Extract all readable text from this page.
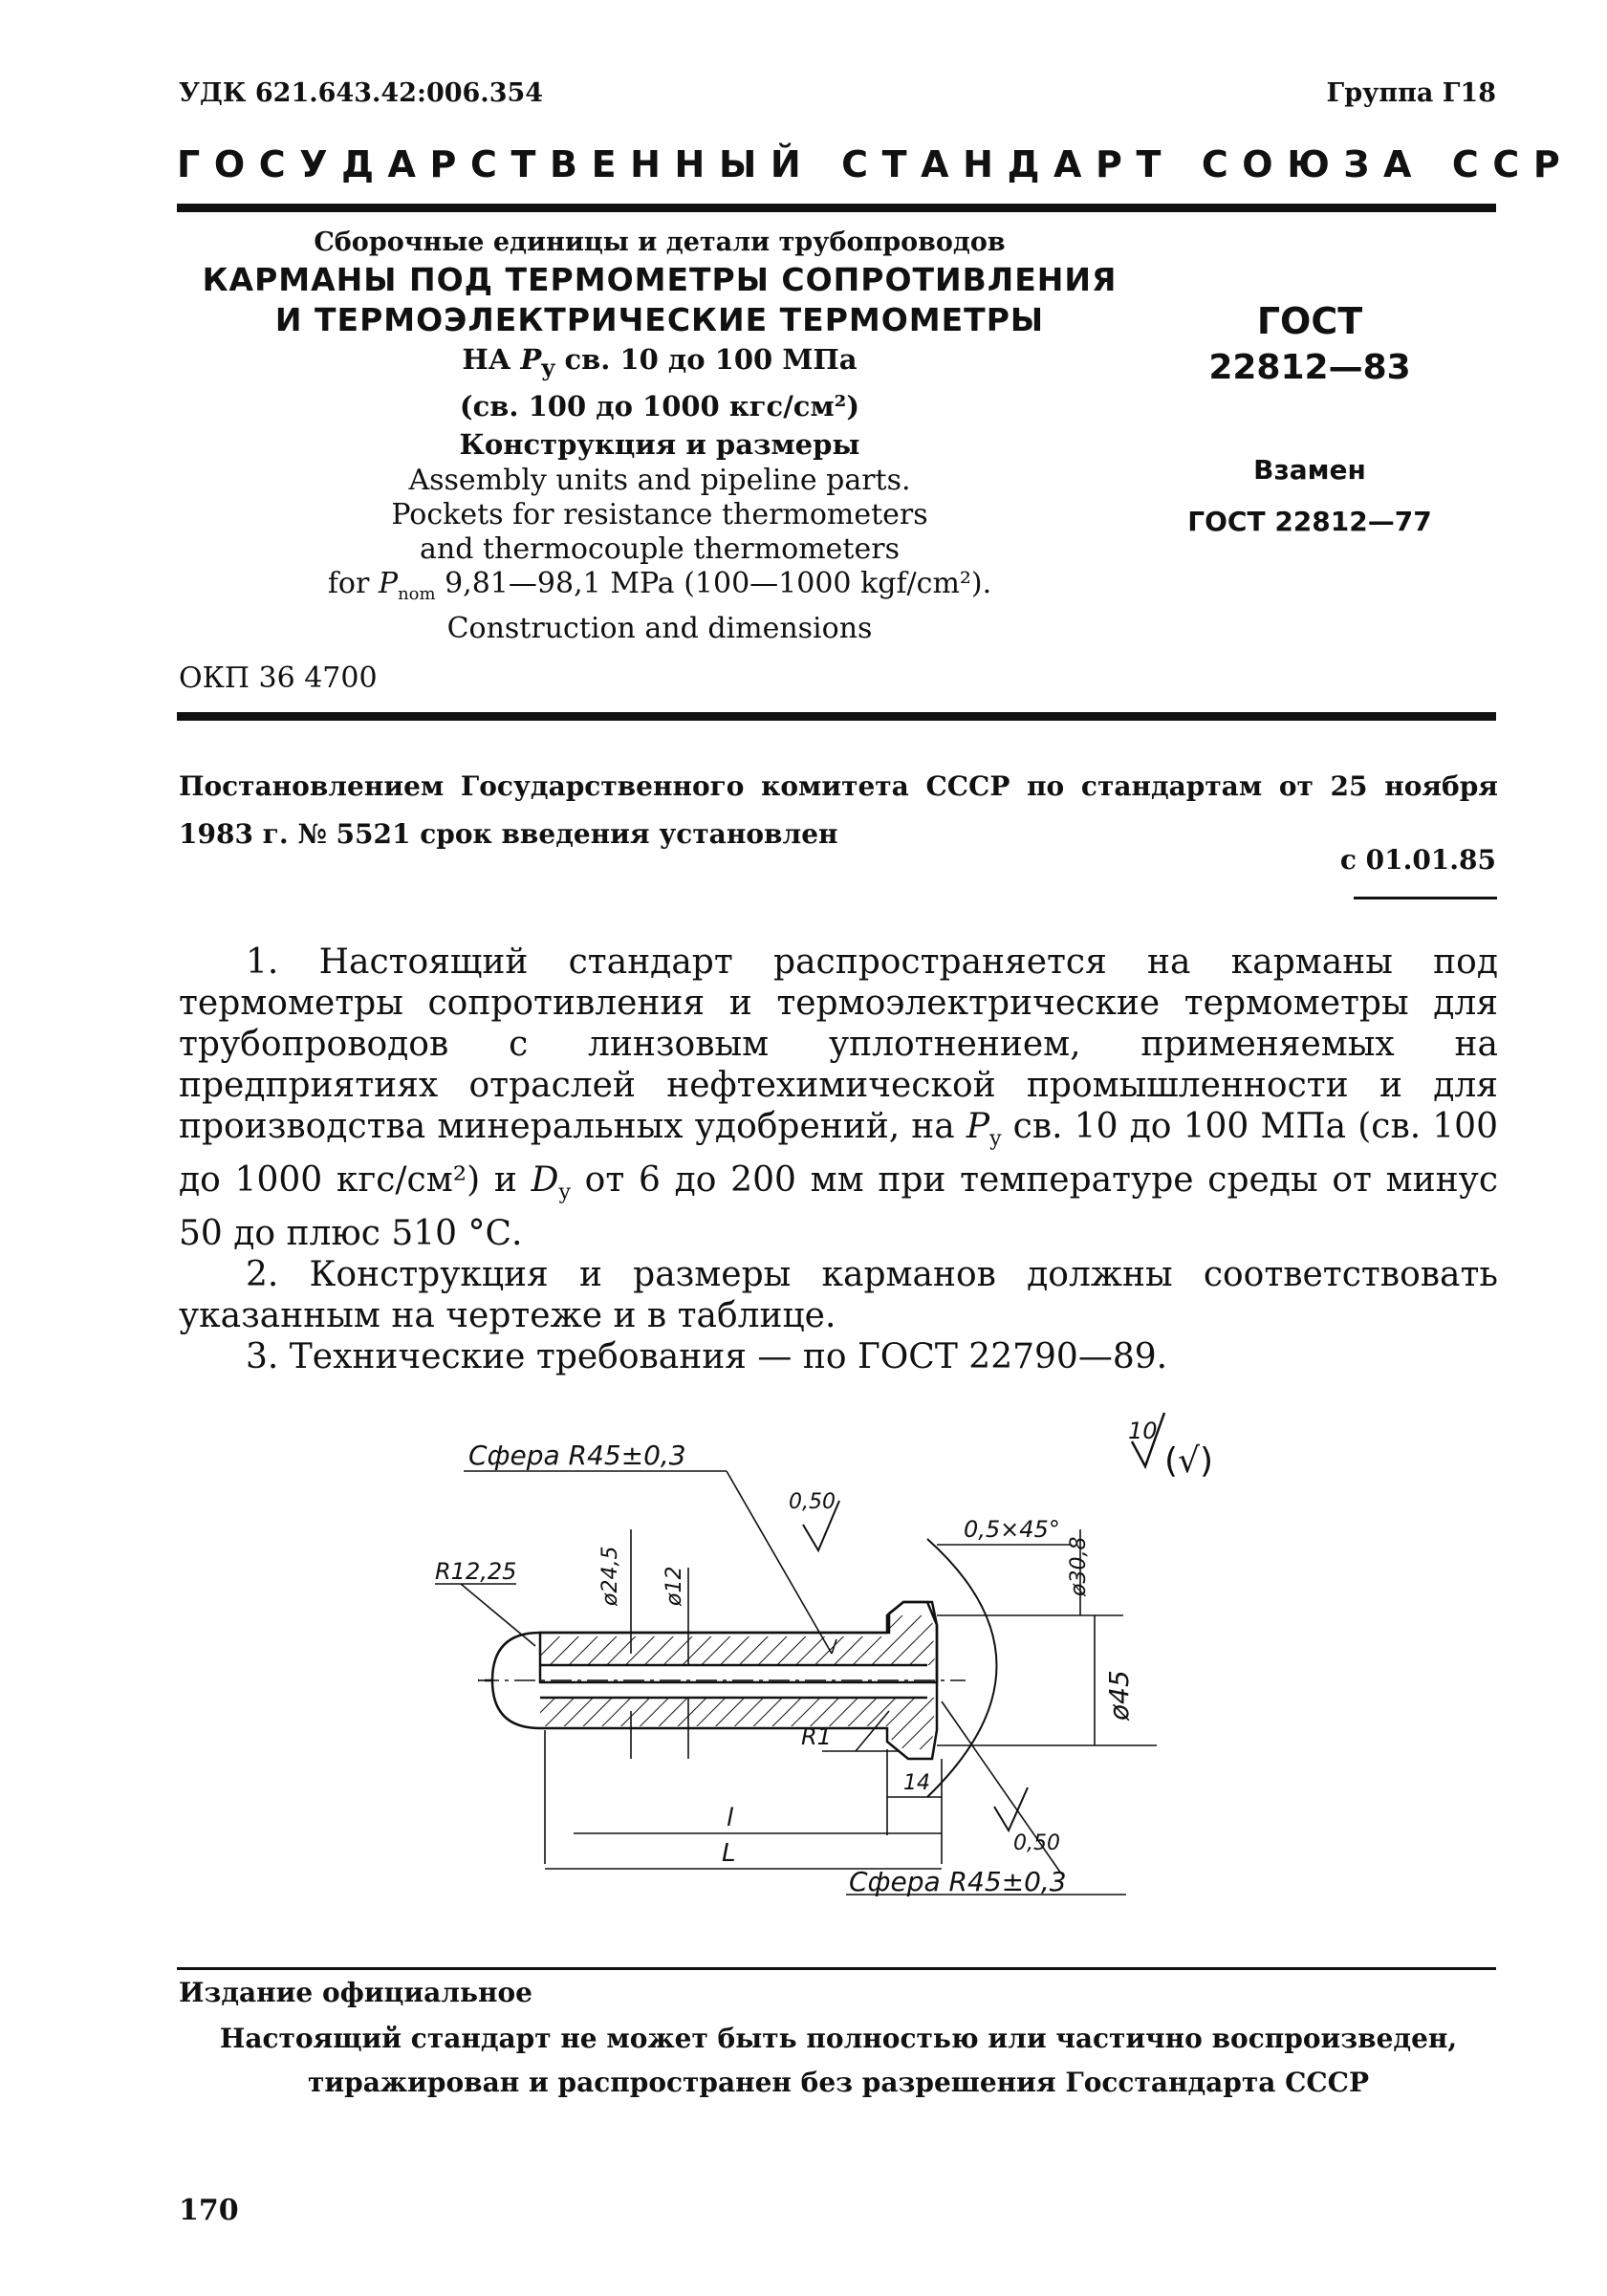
УДК 621.643.42:006.354	Группа Г18
ГОСУДАРСТВЕННЫЙ СТАНДАРТ СОЮЗА ССР
Сборочные единицы и детали трубопроводов
КАРМАНЫ ПОД ТЕРМОМЕТРЫ СОПРОТИВЛЕНИЯ
И ТЕРМОЭЛЕКТРИЧЕСКИЕ ТЕРМОМЕТРЫ
НА $P_y$ св. 10 до 100 МПа
(св. 100 до 1000 кгс/см²)
Конструкция и размеры
Assembly units and pipeline parts.
Pockets for resistance thermometers
and thermocouple thermometers
for $P_{nom}$ 9,81—98,1 MPa (100—1000 kgf/cm²).
Construction and dimensions
ОКП 36 4700
ГОСТ
22812—83
Взамен
ГОСТ 22812—77
Постановлением Государственного комитета СССР по стандартам от 25 ноября 1983 г. № 5521 срок введения установлен
с 01.01.85

1. Настоящий стандарт распространяется на карманы под термометры сопротивления и термоэлектрические термометры для трубопроводов с линзовым уплотнением, применяемых на предприятиях отраслей нефтехимической промышленности и для производства минеральных удобрений, на $P_y$ св. 10 до 100 МПа (св. 100 до 1000 кгс/см²) и $D_y$ от 6 до 200 мм при температуре среды от минус 50 до плюс 510 °С.

2. Конструкция и размеры карманов должны соответствовать указанным на чертеже и в таблице.

3. Технические требования — по ГОСТ 22790—89.

Сфера R45±0,3
R12,25	ø24,5 ø12
0,50
0,5×45°
ø30,8
ø45
R1
14
l
L	0,50
Сфера R45±0,3
10
(√)
Издание официальное
Настоящий стандарт не может быть полностью или частично воспроизведен, тиражирован и распространен без разрешения Госстандарта СССР
170
